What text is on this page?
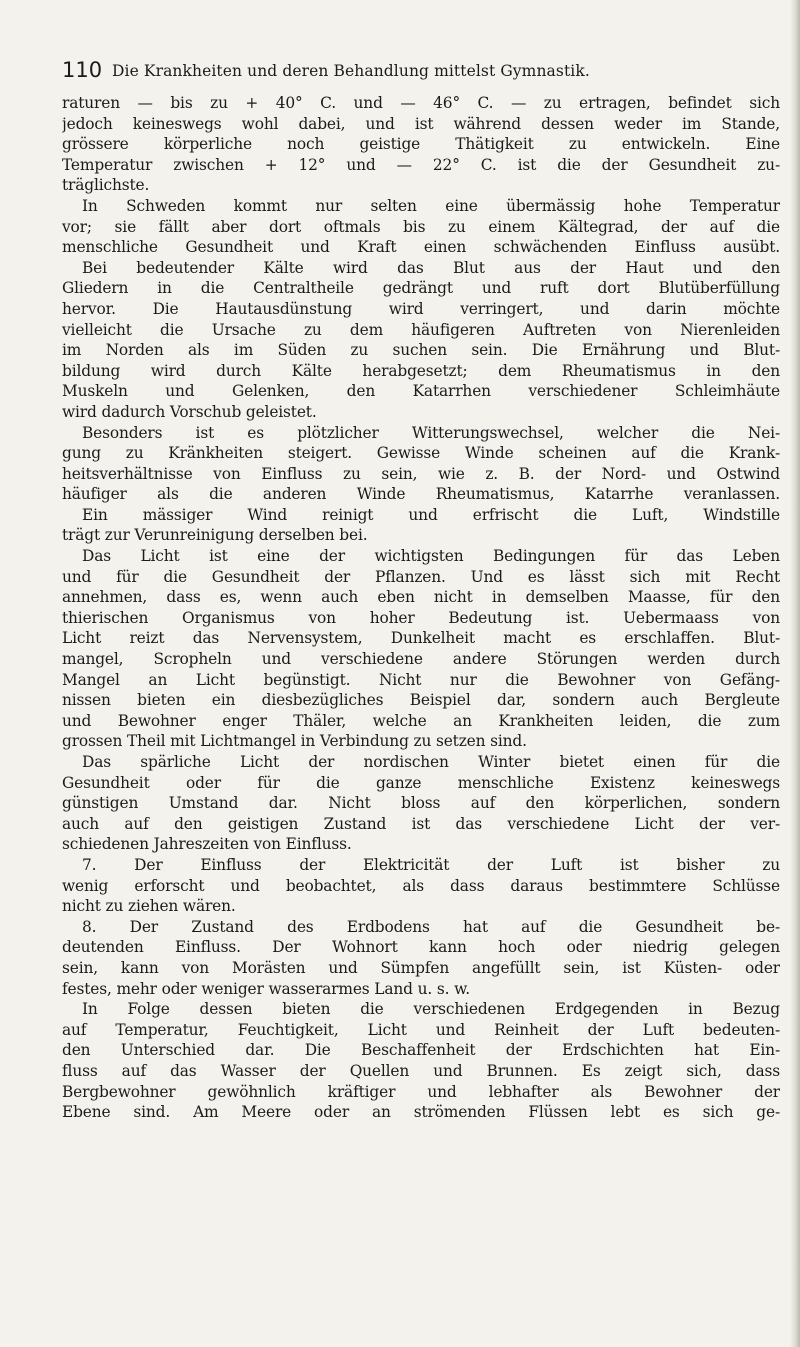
110 Die Krankheiten und deren Behandlung mittelst Gymnastik.
raturen — bis zu + 40° C. und — 46° C. — zu ertragen, befindet sich
jedoch keineswegs wohl dabei, und ist während dessen weder im Stande,
grössere körperliche noch geistige Thätigkeit zu entwickeln. Eine
Temperatur zwischen + 12° und — 22° C. ist die der Gesundheit zu-
träglichste.
In Schweden kommt nur selten eine übermässig hohe Temperatur
vor; sie fällt aber dort oftmals bis zu einem Kältegrad, der auf die
menschliche Gesundheit und Kraft einen schwächenden Einfluss ausübt.
Bei bedeutender Kälte wird das Blut aus der Haut und den
Gliedern in die Centraltheile gedrängt und ruft dort Blutüberfüllung
hervor. Die Hautausdünstung wird verringert, und darin möchte
vielleicht die Ursache zu dem häufigeren Auftreten von Nierenleiden
im Norden als im Süden zu suchen sein. Die Ernährung und Blut-
bildung wird durch Kälte herabgesetzt; dem Rheumatismus in den
Muskeln und Gelenken, den Katarrhen verschiedener Schleimhäute
wird dadurch Vorschub geleistet.
Besonders ist es plötzlicher Witterungswechsel, welcher die Nei-
gung zu Kränkheiten steigert. Gewisse Winde scheinen auf die Krank-
heitsverhältnisse von Einfluss zu sein, wie z. B. der Nord- und Ostwind
häufiger als die anderen Winde Rheumatismus, Katarrhe veranlassen.
Ein mässiger Wind reinigt und erfrischt die Luft, Windstille
trägt zur Verunreinigung derselben bei.
Das Licht ist eine der wichtigsten Bedingungen für das Leben
und für die Gesundheit der Pflanzen. Und es lässt sich mit Recht
annehmen, dass es, wenn auch eben nicht in demselben Maasse, für den
thierischen Organismus von hoher Bedeutung ist. Uebermaass von
Licht reizt das Nervensystem, Dunkelheit macht es erschlaffen. Blut-
mangel, Scropheln und verschiedene andere Störungen werden durch
Mangel an Licht begünstigt. Nicht nur die Bewohner von Gefäng-
nissen bieten ein diesbezügliches Beispiel dar, sondern auch Bergleute
und Bewohner enger Thäler, welche an Krankheiten leiden, die zum
grossen Theil mit Lichtmangel in Verbindung zu setzen sind.
Das spärliche Licht der nordischen Winter bietet einen für die
Gesundheit oder für die ganze menschliche Existenz keineswegs
günstigen Umstand dar. Nicht bloss auf den körperlichen, sondern
auch auf den geistigen Zustand ist das verschiedene Licht der ver-
schiedenen Jahreszeiten von Einfluss.
7. Der Einfluss der Elektricität der Luft ist bisher zu
wenig erforscht und beobachtet, als dass daraus bestimmtere Schlüsse
nicht zu ziehen wären.
8. Der Zustand des Erdbodens hat auf die Gesundheit be-
deutenden Einfluss. Der Wohnort kann hoch oder niedrig gelegen
sein, kann von Morästen und Sümpfen angefüllt sein, ist Küsten- oder
festes, mehr oder weniger wasserarmes Land u. s. w.
In Folge dessen bieten die verschiedenen Erdgegenden in Bezug
auf Temperatur, Feuchtigkeit, Licht und Reinheit der Luft bedeuten-
den Unterschied dar. Die Beschaffenheit der Erdschichten hat Ein-
fluss auf das Wasser der Quellen und Brunnen. Es zeigt sich, dass
Bergbewohner gewöhnlich kräftiger und lebhafter als Bewohner der
Ebene sind. Am Meere oder an strömenden Flüssen lebt es sich ge-
